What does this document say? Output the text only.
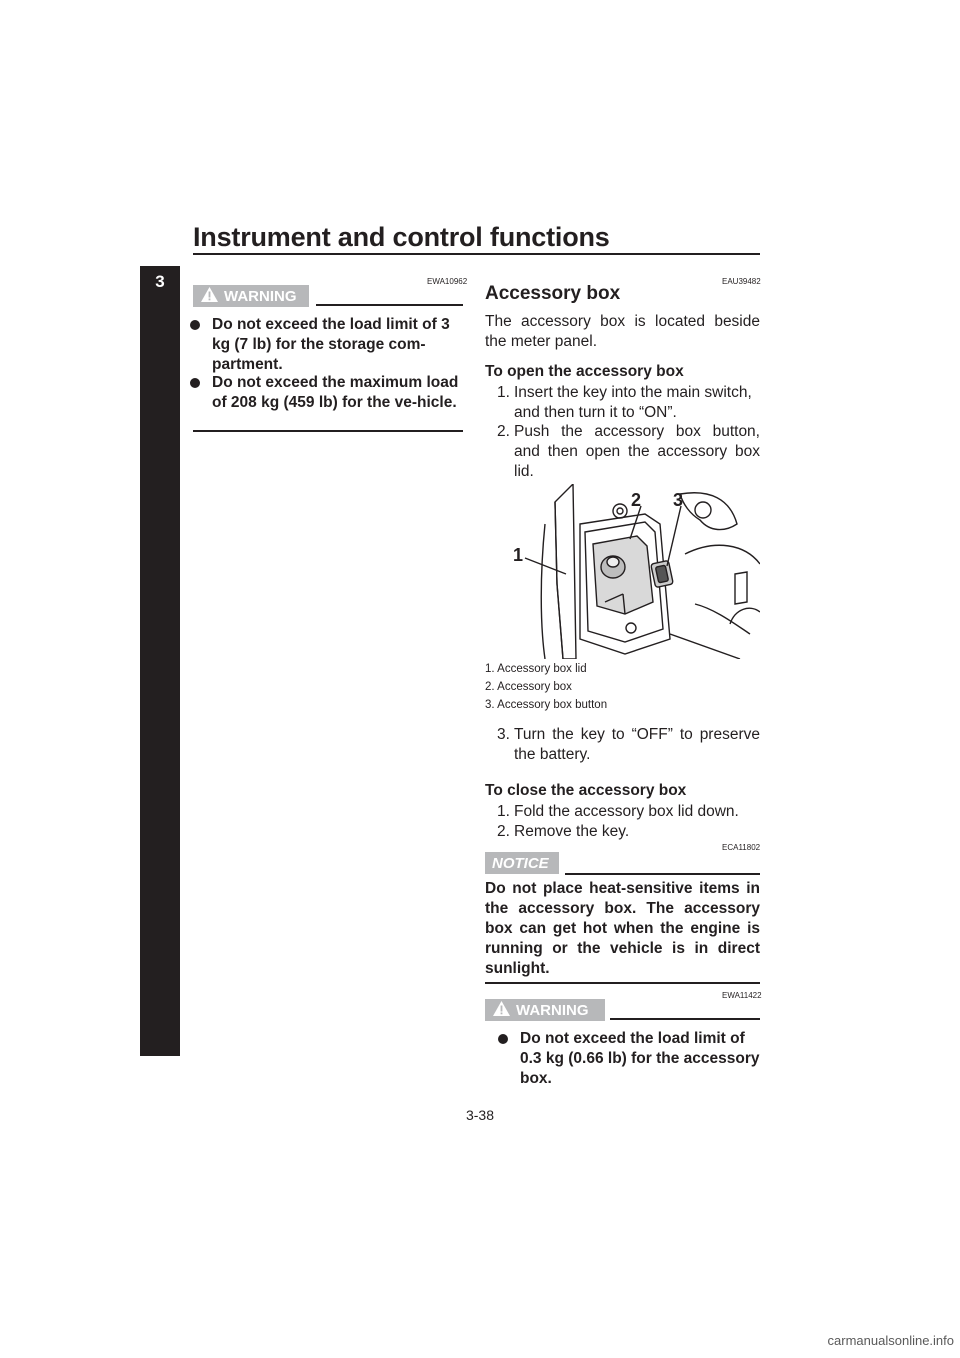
Instrument and control functions
3	EWA10962
WARNING
Do not exceed the load limit of 3 kg (7 lb) for the storage com-partment.
Do not exceed the maximum load of 208 kg (459 lb) for the ve-hicle.
EAU39482
Accessory box
The accessory box is located beside the meter panel.
To open the accessory box
1. Insert the key into the main switch, and then turn it to “ON”.
2. Push the accessory box button, and then open the accessory box lid.
1
2 3
1. Accessory box lid
2. Accessory box
3. Accessory box button
3. Turn the key to “OFF” to preserve the battery.
To close the accessory box
1. Fold the accessory box lid down.
2. Remove the key.
ECA11802
NOTICE
Do not place heat-sensitive items in the accessory box. The accessory box can get hot when the engine is running or the vehicle is in direct sunlight.
EWA11422
WARNING
Do not exceed the load limit of 0.3 kg (0.66 lb) for the accessory box.
3-38
carmanualsonline.info
